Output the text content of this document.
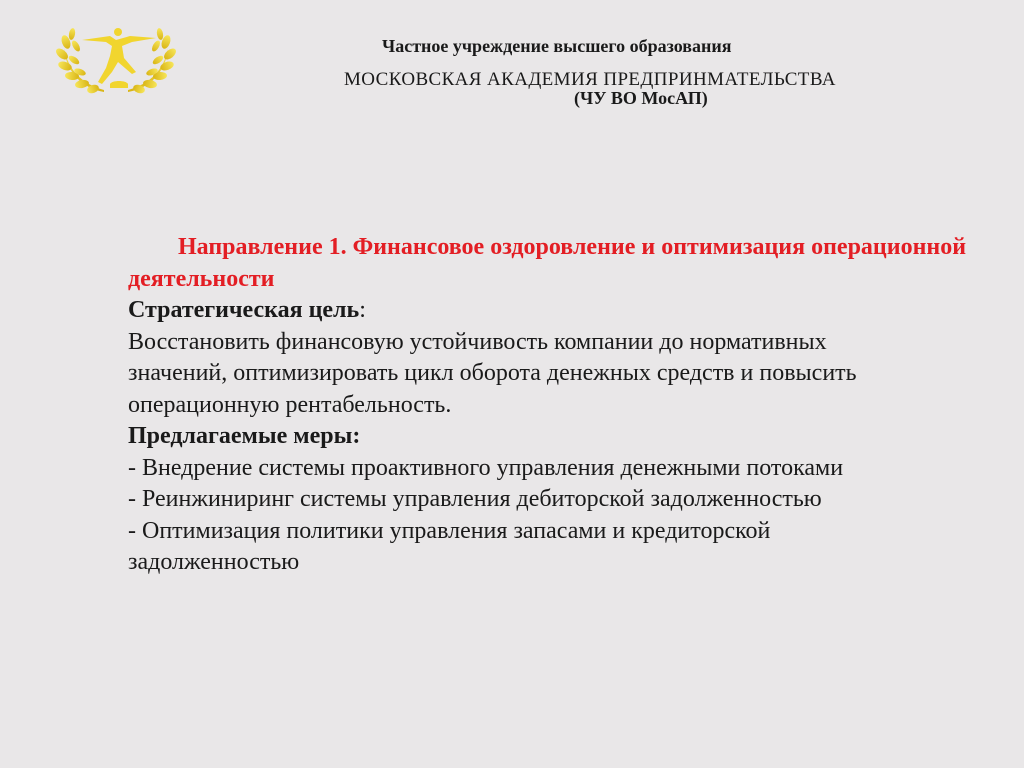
Частное учреждение высшего образования
МОСКОВСКАЯ АКАДЕМИЯ ПРЕДПРИНМАТЕЛЬСТВА
(ЧУ ВО МосАП)
Направление 1. Финансовое оздоровление и оптимизация операционной деятельности
Стратегическая цель:
Восстановить финансовую устойчивость компании до нормативных
значений, оптимизировать цикл оборота денежных средств и повысить
операционную рентабельность.
Предлагаемые меры:
- Внедрение системы проактивного управления денежными потоками
- Реинжиниринг системы управления дебиторской задолженностью
- Оптимизация политики управления запасами и кредиторской
задолженностью
